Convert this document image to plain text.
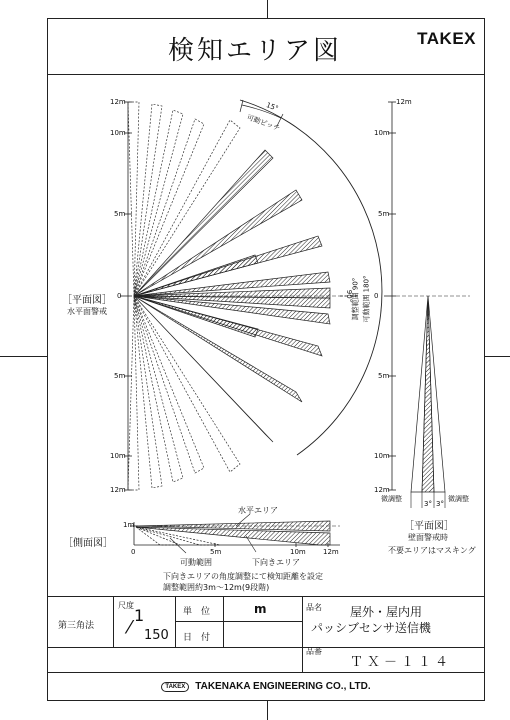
検知エリア図	TAKEX
12m
10m
5m
0
5m
10m
12m
［平面図］
水平面警戒
15°
可動ピッチ
90°
調整範囲 90° 可動範囲 180°
12m
10m
5m
0
5m
10m
12m
微調整
3° 3°
微調整
［平面図］
壁面警戒時
不要エリアはマスキング
［側面図］
1m
水平エリア
可動範囲	下向きエリア
0	5m	10m 12m
下向きエリアの角度調整にて検知距離を設定
調整範囲約3m～12m(9段階)
第三角法
尺度
1
⁄ 150
単　位	m
日　付
品名 屋外・屋内用
パッシブセンサ送信機
品番
ＴＸ－１１４
TAKEX	TAKENAKA ENGINEERING CO., LTD.
